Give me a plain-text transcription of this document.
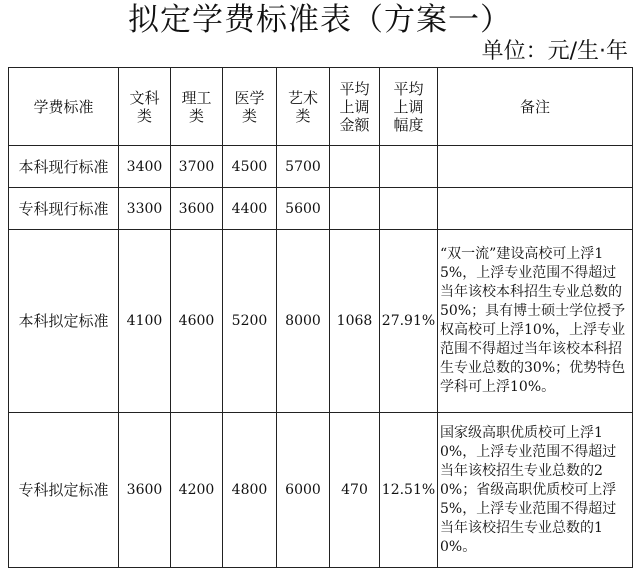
拟定学费标准表（方案一）
单位：元/生·年
学费标准	文科类	理工类	医学类	艺术类	平均上调金额	平均上调幅度	备注
本科现行标准	3400	3700	4500	5700			
专科现行标准	3300	3600	4400	5600			
本科拟定标准	4100	4600	5200	8000	1068	27.91%	“双一流”建设高校可上浮15%，上浮专业范围不得超过当年该校本科招生专业总数的50%；具有博士硕士学位授予权高校可上浮10%，上浮专业范围不得超过当年该校本科招生专业总数的30%；优势特色学科可上浮10%。
专科拟定标准	3600	4200	4800	6000	470	12.51%	国家级高职优质校可上浮10%，上浮专业范围不得超过当年该校招生专业总数的20%；省级高职优质校可上浮5%，上浮专业范围不得超过当年该校招生专业总数的10%。
